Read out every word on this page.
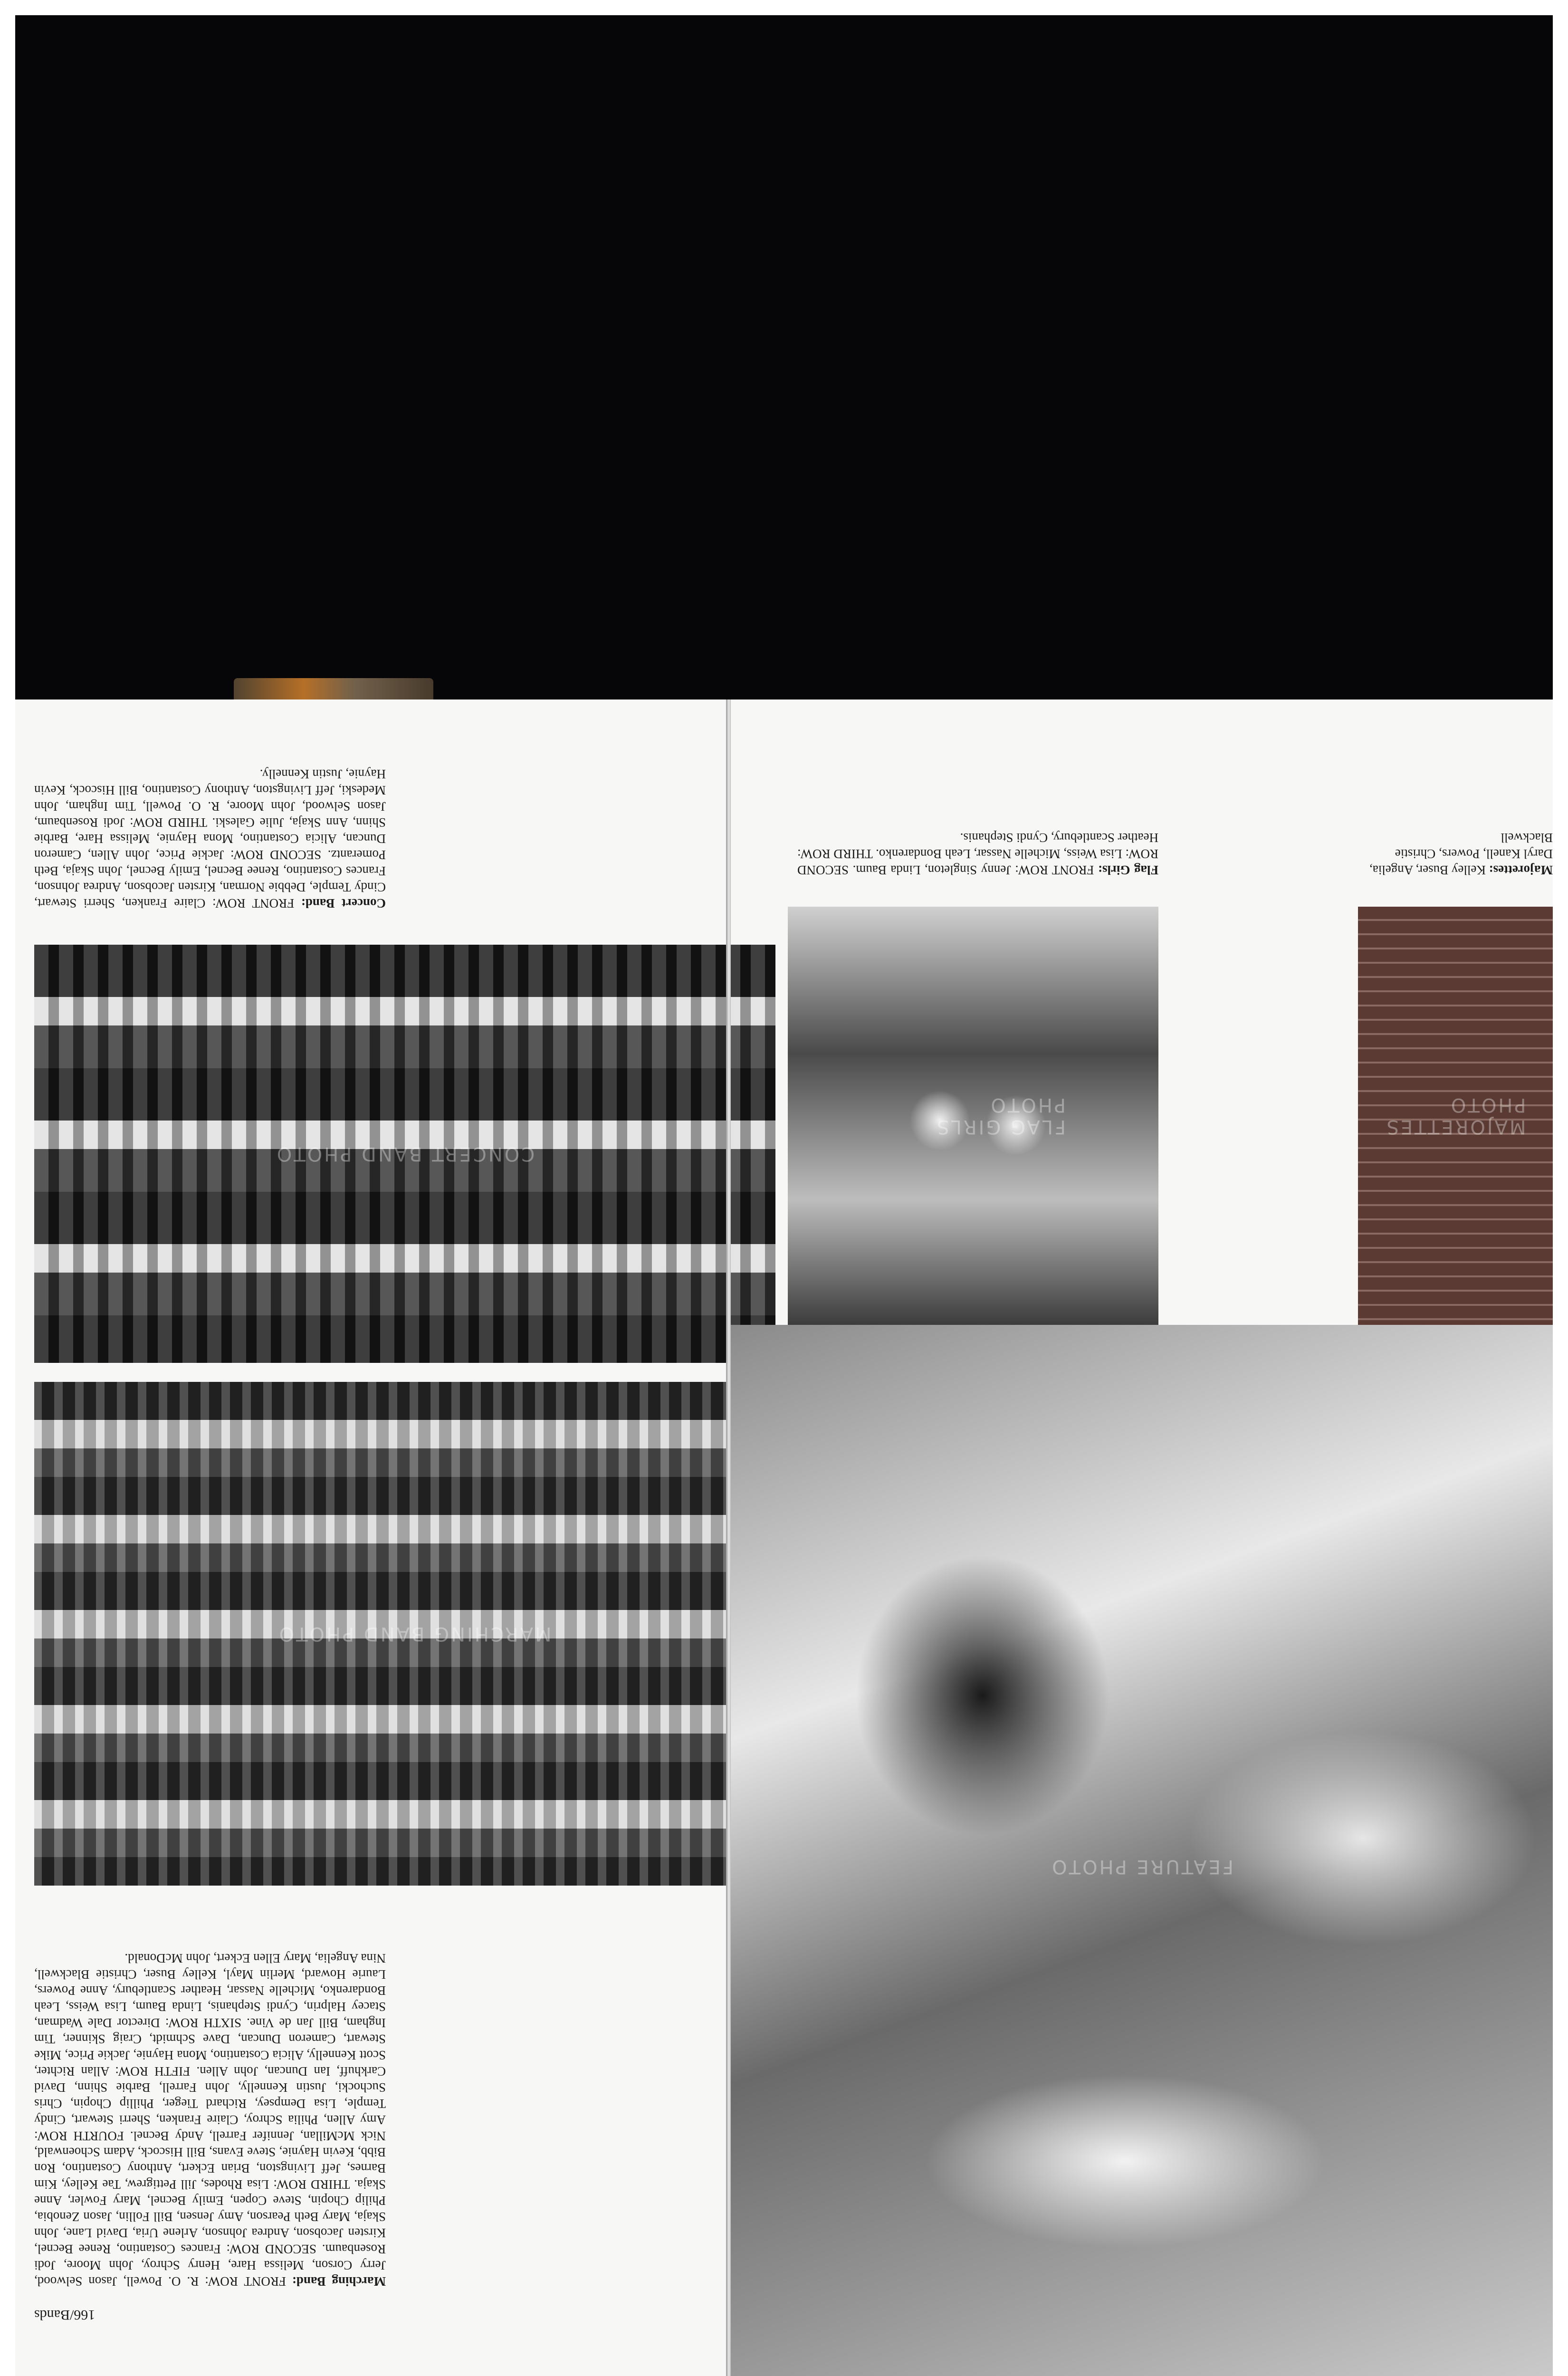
166/Bands

Marching Band: FRONT ROW: R. O. Powell, Jason Selwood, Jerry Corson, Melissa Hare, Henry Schroy, John Moore, Jodi Rosenbaum. SECOND ROW: Frances Costantino, Renee Becnel, Kirsten Jacobson, Andrea Johnson, Arlene Uria, David Lane, John Skaja, Mary Beth Pearson, Amy Jensen, Bill Follin, Jason Zenobia, Philip Chopin, Steve Copen, Emily Becnel, Mary Fowler, Anne Skaja. THIRD ROW: Lisa Rhodes, Jill Pettigrew, Tae Kelley, Kim Barnes, Jeff Livingston, Brian Eckert, Anthony Costantino, Ron Bibb, Kevin Haynie, Steve Evans, Bill Hiscock, Adam Schoenwald, Nick McMillan, Jennifer Farrell, Andy Becnel. FOURTH ROW: Amy Allen, Philia Schroy, Claire Franken, Sherri Stewart, Cindy Temple, Lisa Dempsey, Richard Tieger, Phillip Chopin, Chris Suchocki, Justin Kennelly, John Farrell, Barbie Shinn, David Carkhuff, Ian Duncan, John Allen. FIFTH ROW: Allan Richter, Scott Kennelly, Alicia Costantino, Mona Haynie, Jackie Price, Mike Stewart, Cameron Duncan, Dave Schmidt, Craig Skinner, Tim Ingham, Bill Jan de Vine. SIXTH ROW: Director Dale Wadman, Stacey Halprin, Cyndi Stephanis, Linda Baum, Lisa Weiss, Leah Bondarenko, Michelle Nassar, Heather Scantlebury, Anne Powers, Laurie Howard, Merlin Mayl, Kelley Buser, Christie Blackwell, Nina Angelia, Mary Ellen Eckert, John McDonald.

MARCHING BAND PHOTO
CONCERT BAND PHOTO

Concert Band: FRONT ROW: Claire Franken, Sherri Stewart, Cindy Temple, Debbie Norman, Kirsten Jacobson, Andrea Johnson, Frances Costantino, Renee Becnel, Emily Becnel, John Skaja, Beth Pomerantz. SECOND ROW: Jackie Price, John Allen, Cameron Duncan, Alicia Costantino, Mona Haynie, Melissa Hare, Barbie Shinn, Ann Skaja, Julie Galeski. THIRD ROW: Jodi Rosenbaum, Jason Selwood, John Moore, R. O. Powell, Tim Ingham, John Medeski, Jeff Livingston, Anthony Costantino, Bill Hiscock, Kevin Haynie, Justin Kennelly.

FEATURE PHOTO
FLAG GIRLS PHOTO

Flag Girls: FRONT ROW: Jenny Singleton, Linda Baum. SECOND ROW: Lisa Weiss, Michelle Nassar, Leah Bondarenko. THIRD ROW: Heather Scantlebury, Cyndi Stephanis.

MAJORETTES PHOTO

Majorettes: Kelley Buser, Angelia, Daryl Kanell, Powers, Christie Blackwell
